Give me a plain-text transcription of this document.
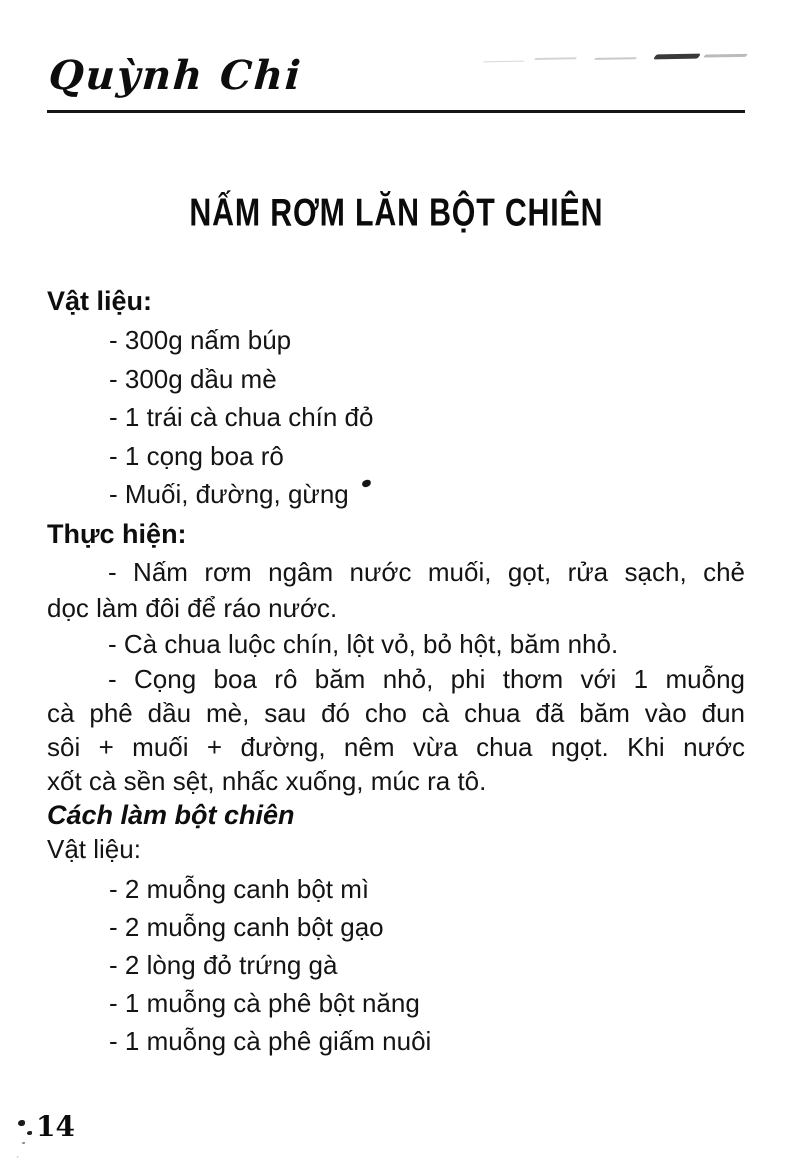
Quỳnh Chi
NẤM RƠM LĂN BỘT CHIÊN
Vật liệu:
- 300g nấm búp
- 300g dầu mè
- 1 trái cà chua chín đỏ
- 1 cọng boa rô
- Muối, đường, gừng
Thực hiện:
- Nấm rơm ngâm nước muối, gọt, rửa sạch, chẻ
dọc làm đôi để ráo nước.
- Cà chua luộc chín, lột vỏ, bỏ hột, băm nhỏ.
- Cọng boa rô băm nhỏ, phi thơm với 1 muỗng
cà phê dầu mè, sau đó cho cà chua đã băm vào đun
sôi + muối + đường, nêm vừa chua ngọt. Khi nước
xốt cà sền sệt, nhấc xuống, múc ra tô.
Cách làm bột chiên
Vật liệu:
- 2 muỗng canh bột mì
- 2 muỗng canh bột gạo
- 2 lòng đỏ trứng gà
- 1 muỗng cà phê bột năng
- 1 muỗng cà phê giấm nuôi
14
